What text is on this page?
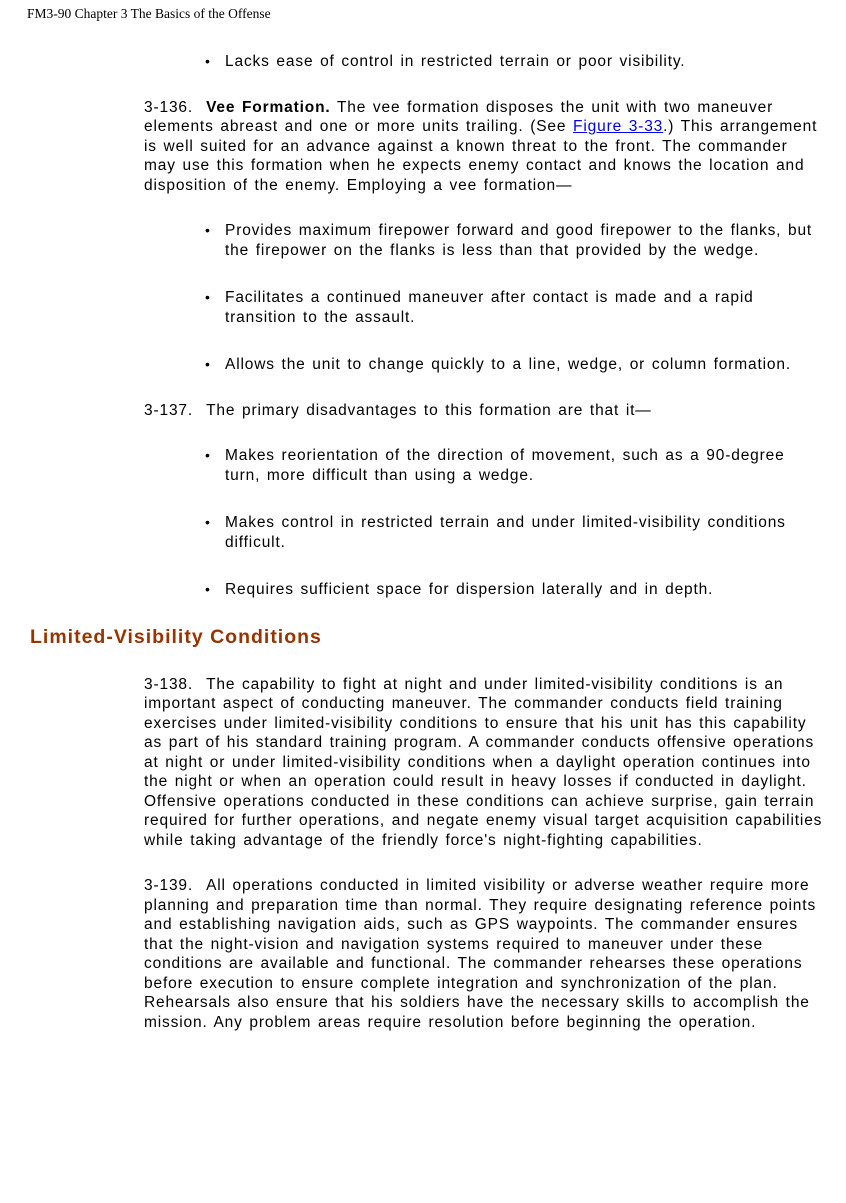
FM3-90 Chapter 3 The Basics of the Offense
• Lacks ease of control in restricted terrain or poor visibility.

3-136. Vee Formation. The vee formation disposes the unit with two maneuver elements abreast and one or more units trailing. (See Figure 3-33.) This arrangement is well suited for an advance against a known threat to the front. The commander may use this formation when he expects enemy contact and knows the location and disposition of the enemy. Employing a vee formation—

• Provides maximum firepower forward and good firepower to the flanks, but the firepower on the flanks is less than that provided by the wedge.
• Facilitates a continued maneuver after contact is made and a rapid transition to the assault.
• Allows the unit to change quickly to a line, wedge, or column formation.

3-137. The primary disadvantages to this formation are that it—

• Makes reorientation of the direction of movement, such as a 90-degree turn, more difficult than using a wedge.
• Makes control in restricted terrain and under limited-visibility conditions difficult.
• Requires sufficient space for dispersion laterally and in depth.
Limited-Visibility Conditions

3-138. The capability to fight at night and under limited-visibility conditions is an important aspect of conducting maneuver. The commander conducts field training exercises under limited-visibility conditions to ensure that his unit has this capability as part of his standard training program. A commander conducts offensive operations at night or under limited-visibility conditions when a daylight operation continues into the night or when an operation could result in heavy losses if conducted in daylight. Offensive operations conducted in these conditions can achieve surprise, gain terrain required for further operations, and negate enemy visual target acquisition capabilities while taking advantage of the friendly force's night-fighting capabilities.

3-139. All operations conducted in limited visibility or adverse weather require more planning and preparation time than normal. They require designating reference points and establishing navigation aids, such as GPS waypoints. The commander ensures that the night-vision and navigation systems required to maneuver under these conditions are available and functional. The commander rehearses these operations before execution to ensure complete integration and synchronization of the plan. Rehearsals also ensure that his soldiers have the necessary skills to accomplish the mission. Any problem areas require resolution before beginning the operation.
